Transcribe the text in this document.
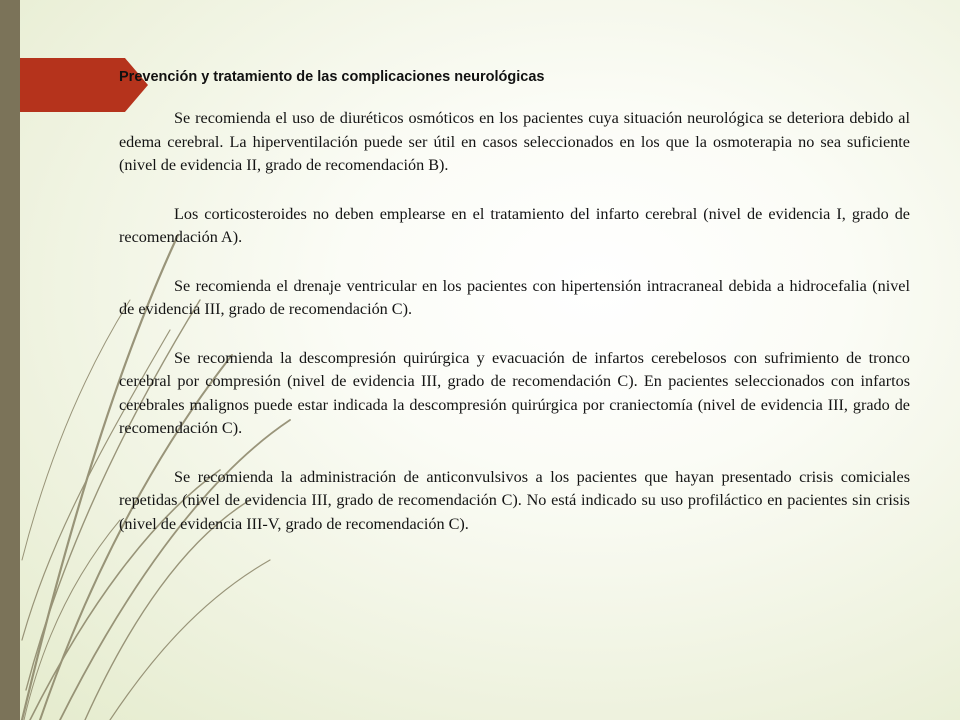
Prevención y tratamiento de las complicaciones neurológicas

Se recomienda el uso de diuréticos osmóticos en los pacientes cuya situación neurológica se deteriora debido al edema cerebral. La hiperventilación puede ser útil en casos seleccionados en los que la osmoterapia no sea suficiente (nivel de evidencia II, grado de recomendación B).

Los corticosteroides no deben emplearse en el tratamiento del infarto cerebral (nivel de evidencia I, grado de recomendación A).

Se recomienda el drenaje ventricular en los pacientes con hipertensión intracraneal debida a hidrocefalia (nivel de evidencia III, grado de recomendación C).

Se recomienda la descompresión quirúrgica y evacuación de infartos cerebelosos con sufrimiento de tronco cerebral por compresión (nivel de evidencia III, grado de recomendación C). En pacientes seleccionados con infartos cerebrales malignos puede estar indicada la descompresión quirúrgica por craniectomía (nivel de evidencia III, grado de recomendación C).

Se recomienda la administración de anticonvulsivos a los pacientes que hayan presentado crisis comiciales repetidas (nivel de evidencia III, grado de recomendación C). No está indicado su uso profiláctico en pacientes sin crisis (nivel de evidencia III-V, grado de recomendación C).
